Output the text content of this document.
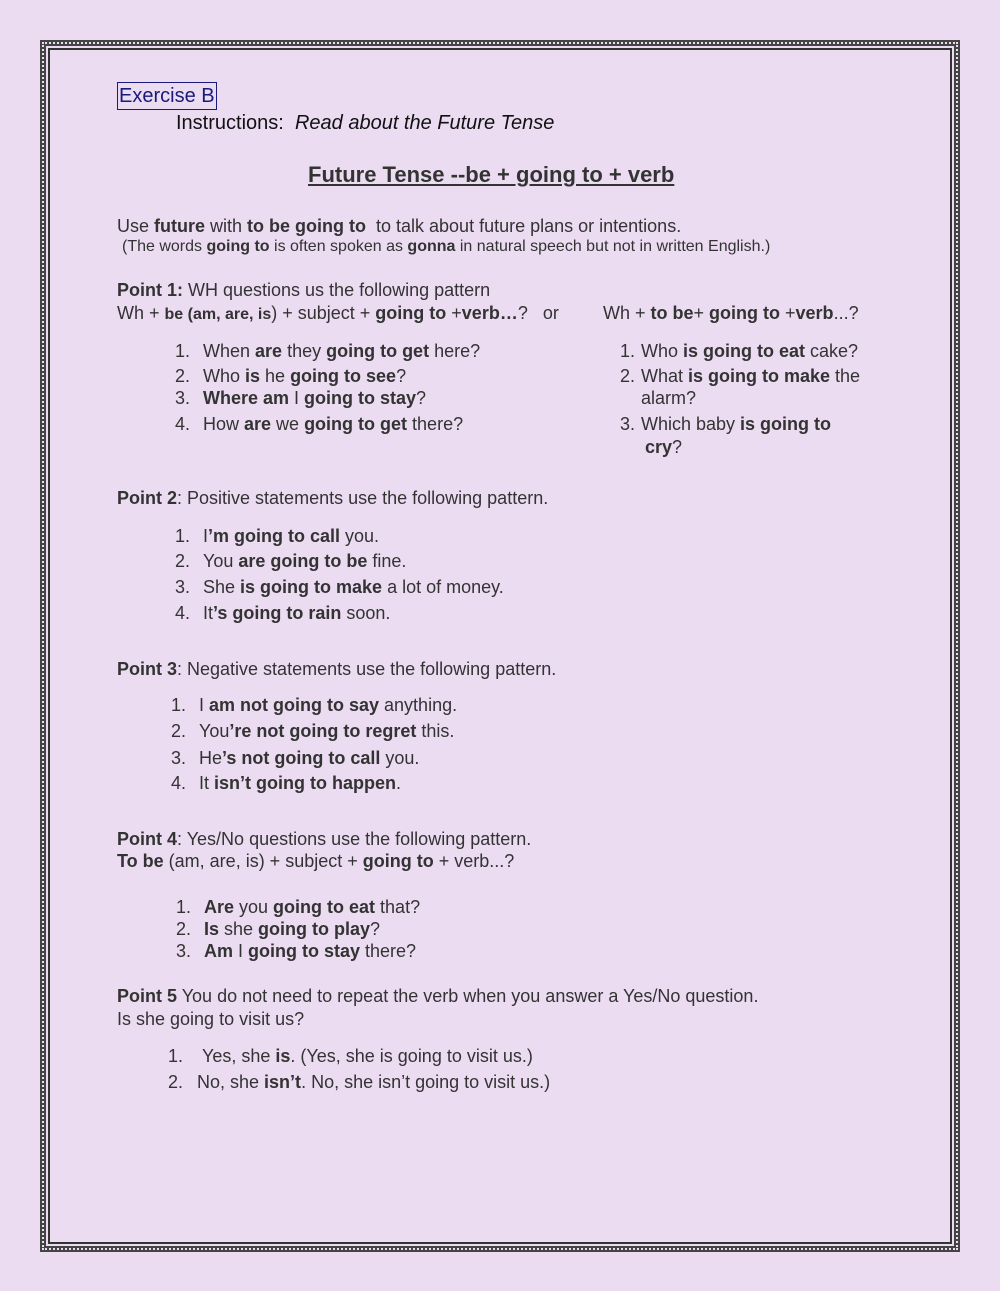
Exercise B
Instructions: Read about the Future Tense
Future Tense --be + going to + verb
Use future with to be going to  to talk about future plans or intentions.
(The words going to is often spoken as gonna in natural speech but not in written English.)
Point 1: WH questions us the following pattern
Wh + be (am, are, is) + subject + going to +verb…?   or Wh + to be+ going to +verb...?
1. When are they going to get here?
2. Who is he going to see?
3. Where am I going to stay?
4. How are we going to get there?
1. Who is going to eat cake?
2. What is going to make the
alarm?
3. Which baby is going to
cry?
Point 2: Positive statements use the following pattern.
1. I’m going to call you.
2. You are going to be fine.
3. She is going to make a lot of money.
4. It’s going to rain soon.
Point 3: Negative statements use the following pattern.
1. I am not going to say anything.
2. You’re not going to regret this.
3. He’s not going to call you.
4. It isn’t going to happen.
Point 4: Yes/No questions use the following pattern.
To be (am, are, is) + subject + going to + verb...?
1. Are you going to eat that?
2. Is she going to play?
3. Am I going to stay there?
Point 5 You do not need to repeat the verb when you answer a Yes/No question.
Is she going to visit us?
1. Yes, she is. (Yes, she is going to visit us.)
2. No, she isn’t. No, she isn’t going to visit us.)
